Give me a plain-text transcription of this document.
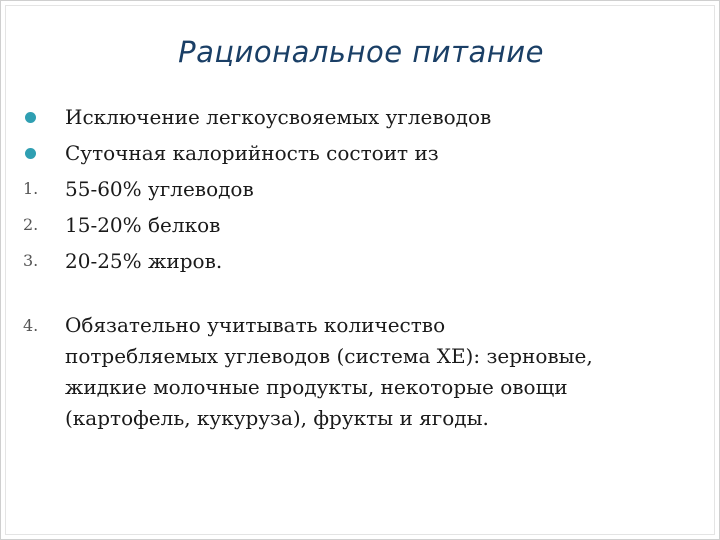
Рациональное питание
Исключение легкоусвояемых углеводов
Суточная калорийность состоит из
1.	55-60% углеводов
2.	15-20% белков
3.	20-25% жиров.
4.	Обязательно учитывать количество
потребляемых углеводов (система ХЕ): зерновые,
жидкие молочные продукты, некоторые овощи
(картофель, кукуруза), фрукты и ягоды.
